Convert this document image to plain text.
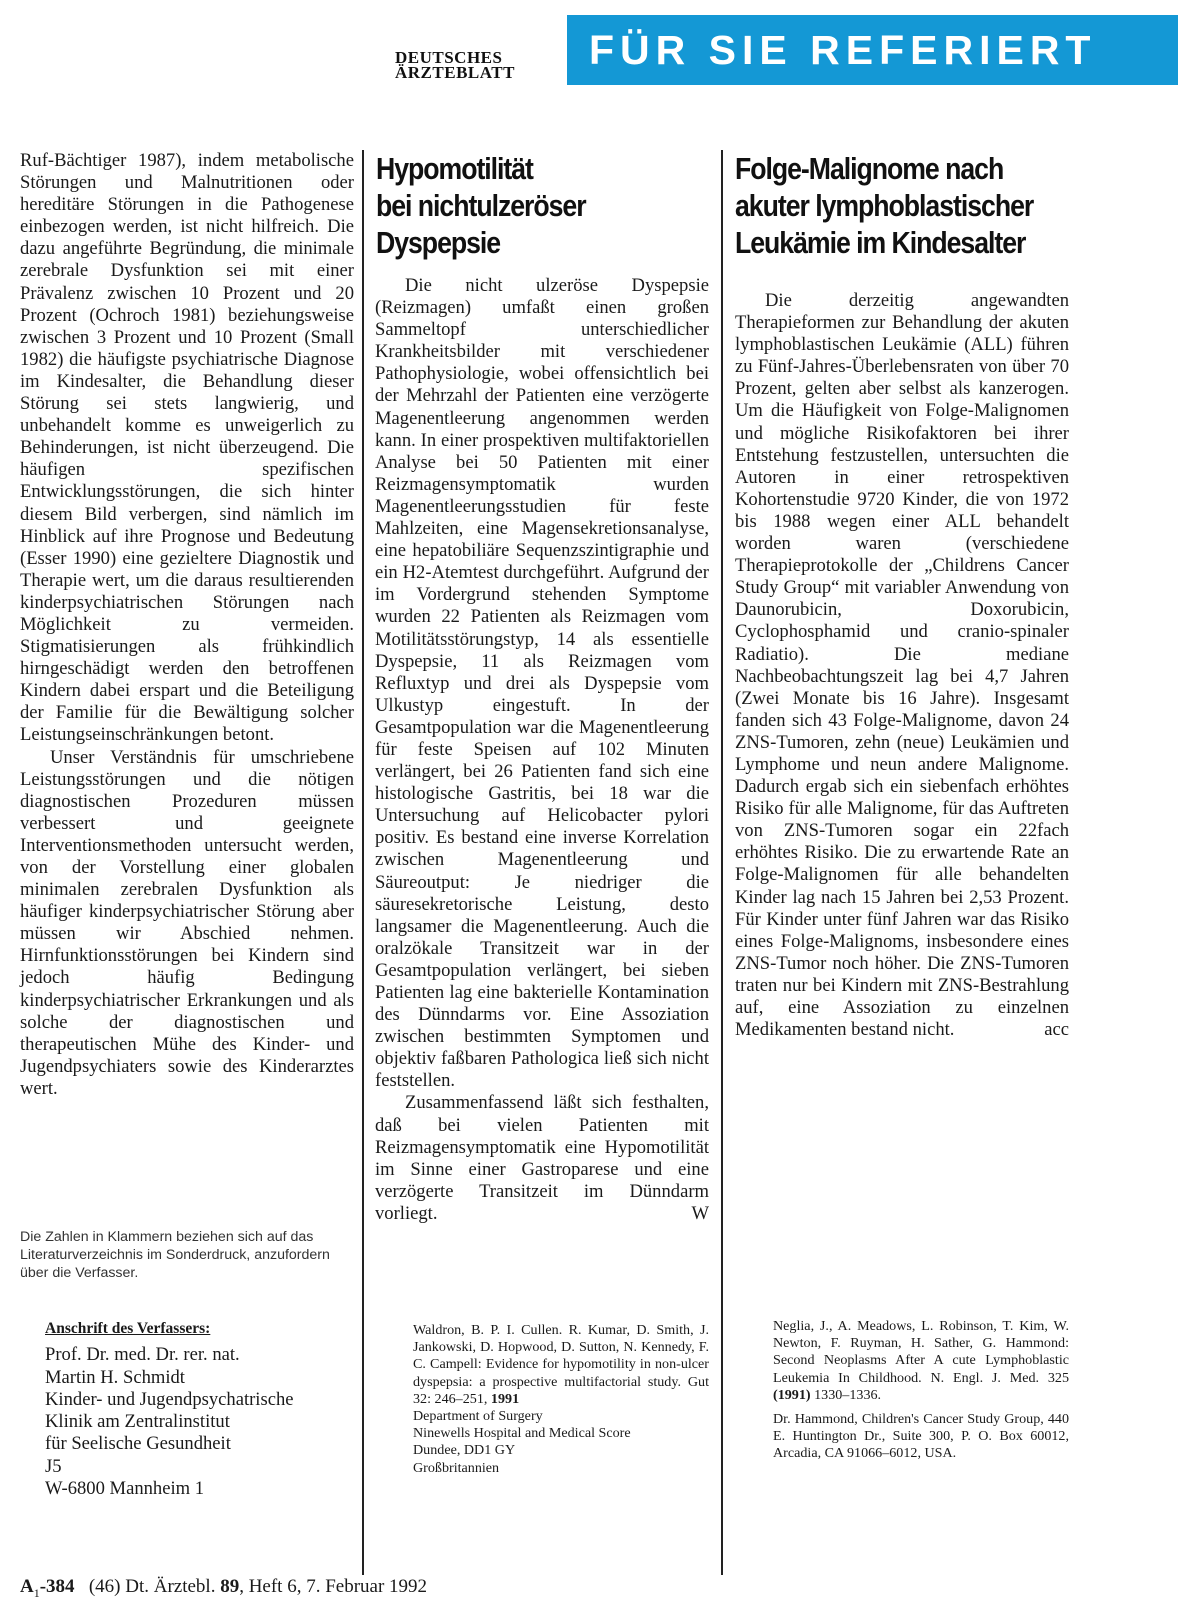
DEUTSCHES
ÄRZTEBLATT	FÜR SIE REFERIERT

Ruf-Bächtiger 1987), indem metabolische Störungen und Malnutritionen oder hereditäre Störungen in die Pathogenese einbezogen werden, ist nicht hilfreich. Die dazu angeführte Begründung, die minimale zerebrale Dysfunktion sei mit einer Prävalenz zwischen 10 Prozent und 20 Prozent (Ochroch 1981) beziehungsweise zwischen 3 Prozent und 10 Prozent (Small 1982) die häufigste psychiatrische Diagnose im Kindesalter, die Behandlung dieser Störung sei stets langwierig, und unbehandelt komme es unweigerlich zu Behinderungen, ist nicht überzeugend. Die häufigen spezifischen Entwicklungsstörungen, die sich hinter diesem Bild verbergen, sind nämlich im Hinblick auf ihre Prognose und Bedeutung (Esser 1990) eine gezieltere Diagnostik und Therapie wert, um die daraus resultierenden kinderpsychiatrischen Störungen nach Möglichkeit zu vermeiden. Stigmatisierungen als frühkindlich hirngeschädigt werden den betroffenen Kindern dabei erspart und die Beteiligung der Familie für die Bewältigung solcher Leistungseinschränkungen betont.

Unser Verständnis für umschriebene Leistungsstörungen und die nötigen diagnostischen Prozeduren müssen verbessert und geeignete Interventionsmethoden untersucht werden, von der Vorstellung einer globalen minimalen zerebralen Dysfunktion als häufiger kinderpsychiatrischer Störung aber müssen wir Abschied nehmen. Hirnfunktionsstörungen bei Kindern sind jedoch häufig Bedingung kinderpsychiatrischer Erkrankungen und als solche der diagnostischen und therapeutischen Mühe des Kinder- und Jugendpsychiaters sowie des Kinderarztes wert.

Die Zahlen in Klammern beziehen sich auf das Literaturverzeichnis im Sonderdruck, anzufordern über die Verfasser.
Anschrift des Verfassers:
Prof. Dr. med. Dr. rer. nat.
Martin H. Schmidt
Kinder- und Jugendpsychatrische
Klinik am Zentralinstitut
für Seelische Gesundheit
J5
W-6800 Mannheim 1
Hypomotilität
bei nichtulzeröser
Dyspepsie

Die nicht ulzeröse Dyspepsie (Reizmagen) umfaßt einen großen Sammeltopf unterschiedlicher Krankheitsbilder mit verschiedener Pathophysiologie, wobei offensichtlich bei der Mehrzahl der Patienten eine verzögerte Magenentleerung angenommen werden kann. In einer prospektiven multifaktoriellen Analyse bei 50 Patienten mit einer Reizmagensymptomatik wurden Magenentleerungsstudien für feste Mahlzeiten, eine Magensekretionsanalyse, eine hepatobiliäre Sequenzszintigraphie und ein H2-Atemtest durchgeführt. Aufgrund der im Vordergrund stehenden Symptome wurden 22 Patienten als Reizmagen vom Motilitätsstörungstyp, 14 als essentielle Dyspepsie, 11 als Reizmagen vom Refluxtyp und drei als Dyspepsie vom Ulkustyp eingestuft. In der Gesamtpopulation war die Magenentleerung für feste Speisen auf 102 Minuten verlängert, bei 26 Patienten fand sich eine histologische Gastritis, bei 18 war die Untersuchung auf Helicobacter pylori positiv. Es bestand eine inverse Korrelation zwischen Magenentleerung und Säureoutput: Je niedriger die säuresekretorische Leistung, desto langsamer die Magenentleerung. Auch die oralzökale Transitzeit war in der Gesamtpopulation verlängert, bei sieben Patienten lag eine bakterielle Kontamination des Dünndarms vor. Eine Assoziation zwischen bestimmten Symptomen und objektiv faßbaren Pathologica ließ sich nicht feststellen.

Zusammenfassend läßt sich festhalten, daß bei vielen Patienten mit Reizmagensymptomatik eine Hypomotilität im Sinne einer Gastroparese und eine verzögerte Transitzeit im Dünndarm vorliegt.	W

Waldron, B. P. I. Cullen. R. Kumar, D. Smith, J. Jankowski, D. Hopwood, D. Sutton, N. Kennedy, F. C. Campell: Evidence for hypomotility in non-ulcer dyspepsia: a prospective multifactorial study. Gut 32: 246–251, 1991

Department of Surgery

Ninewells Hospital and Medical Score

Dundee, DD1 GY

Großbritannien

Folge-Malignome nach
akuter lymphoblastischer
Leukämie im Kindesalter

Die derzeitig angewandten Therapieformen zur Behandlung der akuten lymphoblastischen Leukämie (ALL) führen zu Fünf-Jahres-Überlebensraten von über 70 Prozent, gelten aber selbst als kanzerogen. Um die Häufigkeit von Folge-Malignomen und mögliche Risikofaktoren bei ihrer Entstehung festzustellen, untersuchten die Autoren in einer retrospektiven Kohortenstudie 9720 Kinder, die von 1972 bis 1988 wegen einer ALL behandelt worden waren (verschiedene Therapieprotokolle der „Childrens Cancer Study Group“ mit variabler Anwendung von Daunorubicin, Doxorubicin, Cyclophosphamid und cranio-spinaler Radiatio). Die mediane Nachbeobachtungszeit lag bei 4,7 Jahren (Zwei Monate bis 16 Jahre). Insgesamt fanden sich 43 Folge-Malignome, davon 24 ZNS-Tumoren, zehn (neue) Leukämien und Lymphome und neun andere Malignome. Dadurch ergab sich ein siebenfach erhöhtes Risiko für alle Malignome, für das Auftreten von ZNS-Tumoren sogar ein 22fach erhöhtes Risiko. Die zu erwartende Rate an Folge-Malignomen für alle behandelten Kinder lag nach 15 Jahren bei 2,53 Prozent. Für Kinder unter fünf Jahren war das Risiko eines Folge-Malignoms, insbesondere eines ZNS-Tumor noch höher. Die ZNS-Tumoren traten nur bei Kindern mit ZNS-Bestrahlung auf, eine Assoziation zu einzelnen Medikamenten bestand nicht.	acc

Neglia, J., A. Meadows, L. Robinson, T. Kim, W. Newton, F. Ruyman, H. Sather, G. Hammond: Second Neoplasms After A cute Lymphoblastic Leukemia In Childhood. N. Engl. J. Med. 325 (1991) 1330–1336.

Dr. Hammond, Children's Cancer Study Group, 440 E. Huntington Dr., Suite 300, P. O. Box 60012, Arcadia, CA 91066–6012, USA.

$A_1-384$ (46) Dt. Ärztebl. 89, Heft 6, 7. Februar 1992
